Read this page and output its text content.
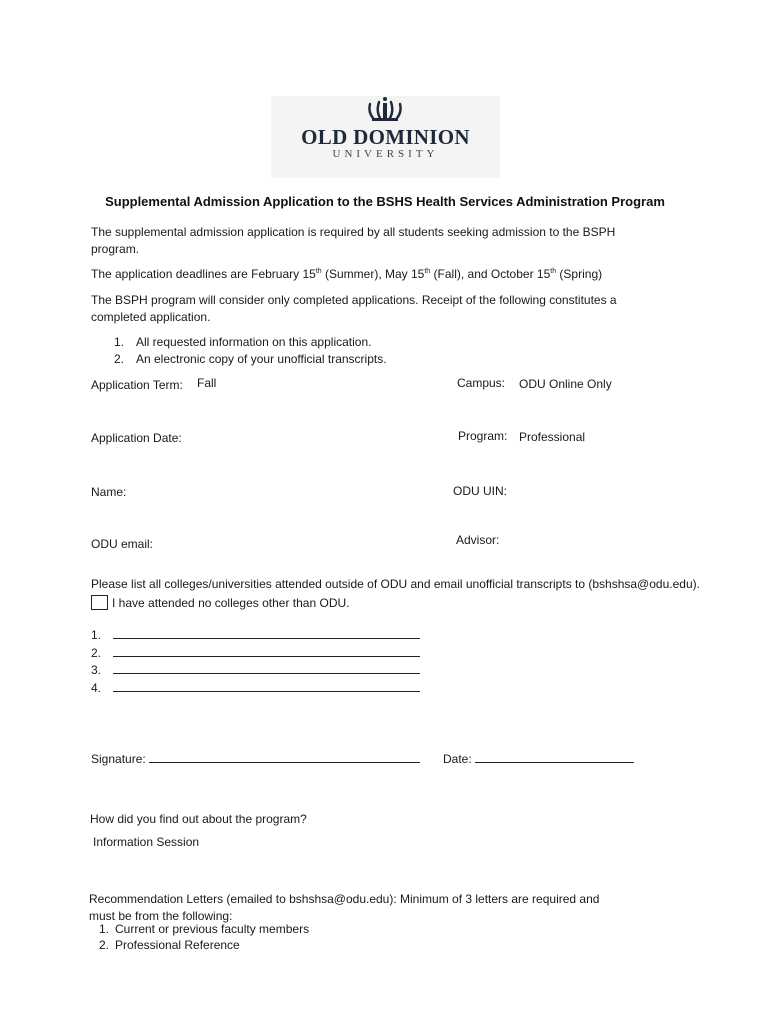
OLD DOMINION
UNIVERSITY
Supplemental Admission Application to the BSHS Health Services Administration Program
The supplemental admission application is required by all students seeking admission to the BSPH
program.
The application deadlines are February 15th (Summer), May 15th (Fall), and October 15th (Spring)
The BSPH program will consider only completed applications. Receipt of the following constitutes a
completed application.
1. All requested information on this application.
2. An electronic copy of your unofficial transcripts.
Application Term: Fall	Campus: ODU Online Only
Application Date:	Program: Professional
Name:	ODU UIN:
ODU email:	Advisor:
Please list all colleges/universities attended outside of ODU and email unofficial transcripts to (bshshsa@odu.edu).
I have attended no colleges other than ODU.
1.
2.
3.
4.
Signature:	Date:
How did you find out about the program?
Information Session
Recommendation Letters (emailed to bshshsa@odu.edu): Minimum of 3 letters are required and
must be from the following:
1. Current or previous faculty members
2. Professional Reference
